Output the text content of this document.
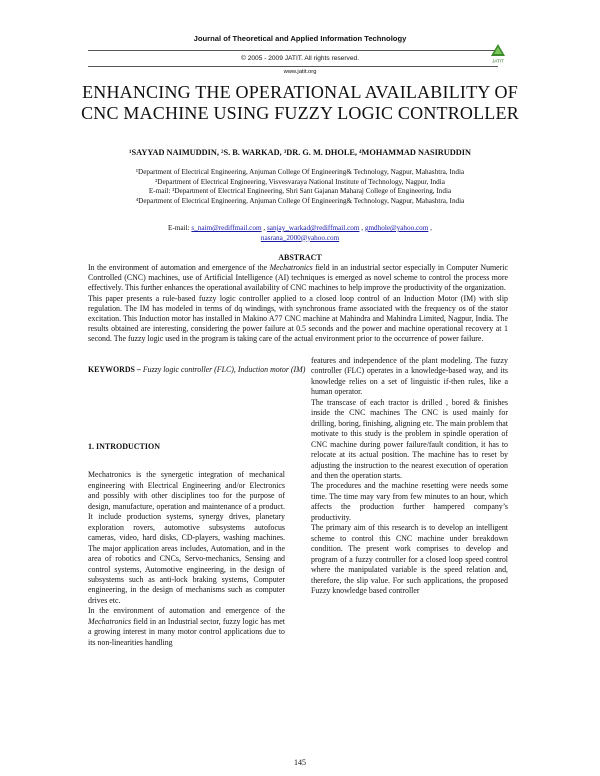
Journal of Theoretical and Applied Information Technology
© 2005 - 2009 JATIT. All rights reserved.
www.jatit.org
JATIT
ENHANCING THE OPERATIONAL AVAILABILITY OF
CNC MACHINE USING FUZZY LOGIC CONTROLLER
¹SAYYAD NAIMUDDIN, ²S. B. WARKAD, ³DR. G. M. DHOLE, ⁴MOHAMMAD NASIRUDDIN
¹Department of Electrical Engineering, Anjuman College Of Engineering& Technology, Nagpur, Mahashtra, India
²Department of Electrical Engineering, Visvesvaraya National Institute of Technology, Nagpur, India
E-mail: ³Department of Electrical Engineering, Shri Sant Gajanan Maharaj College of Engineering, India
⁴Department of Electrical Engineering, Anjuman College Of Engineering& Technology, Nagpur, Mahashtra, India
E-mail: s_naim@rediffmail.com , sanjay_warkad@rediffmail.com , gmdhole@yahoo.com ,
nasrana_2000@yahoo.com
ABSTRACT

In the environment of automation and emergence of the Mechatronics field in an industrial sector especially in Computer Numeric Controlled (CNC) machines, use of Artificial Intelligence (AI) techniques is emerged as novel scheme to control the process more effectively. This further enhances the operational availability of CNC machines to help improve the productivity of the organization.

This paper presents a rule-based fuzzy logic controller applied to a closed loop control of an Induction Motor (IM) with slip regulation. The IM has modeled in terms of dq windings, with synchronous frame associated with the frequency os of the stator excitation. This Induction motor has installed in Makino A77 CNC machine at Mahindra and Mahindra Limited, Nagpur, India. The results obtained are interesting, considering the power failure at 0.5 seconds and the power and machine operational recovery at 1 second. The fuzzy logic used in the program is taking care of the actual environment prior to the occurrence of power failure.

KEYWORDS – Fuzzy logic controller (FLC), Induction motor (IM)
1. INTRODUCTION

Mechatronics is the synergetic integration of mechanical engineering with Electrical Engineering and/or Electronics and possibly with other disciplines too for the purpose of design, manufacture, operation and maintenance of a product. It include production systems, synergy drives, planetary exploration rovers, automotive subsystems autofocus cameras, video, hard disks, CD-players, washing machines. The major application areas includes, Automation, and in the area of robotics and CNCs, Servo-mechanics, Sensing and control systems, Automotive engineering, in the design of subsystems such as anti-lock braking systems, Computer engineering, in the design of mechanisms such as computer drives etc.

In the environment of automation and emergence of the Mechatronics field in an Industrial sector, fuzzy logic has met a growing interest in many motor control applications due to its non-linearities handling

features and independence of the plant modeling. The fuzzy controller (FLC) operates in a knowledge-based way, and its knowledge relies on a set of linguistic if-then rules, like a human operator.

The transcase of each tractor is drilled , bored & finishes inside the CNC machines The CNC is used mainly for drilling, boring, finishing, aligning etc. The main problem that motivate to this study is the problem in spindle operation of CNC machine during power failure/fault condition, it has to relocate at its actual position. The machine has to reset by adjusting the instruction to the nearest execution of operation and then the operation starts.

The procedures and the machine resetting were needs some time. The time may vary from few minutes to an hour, which affects the production further hampered company’s productivity.

The primary aim of this research is to develop an intelligent scheme to control this CNC machine under breakdown condition. The present work comprises to develop and program of a fuzzy controller for a closed loop speed control where the manipulated variable is the speed relation and, therefore, the slip value. For such applications, the proposed Fuzzy knowledge based controller

145
